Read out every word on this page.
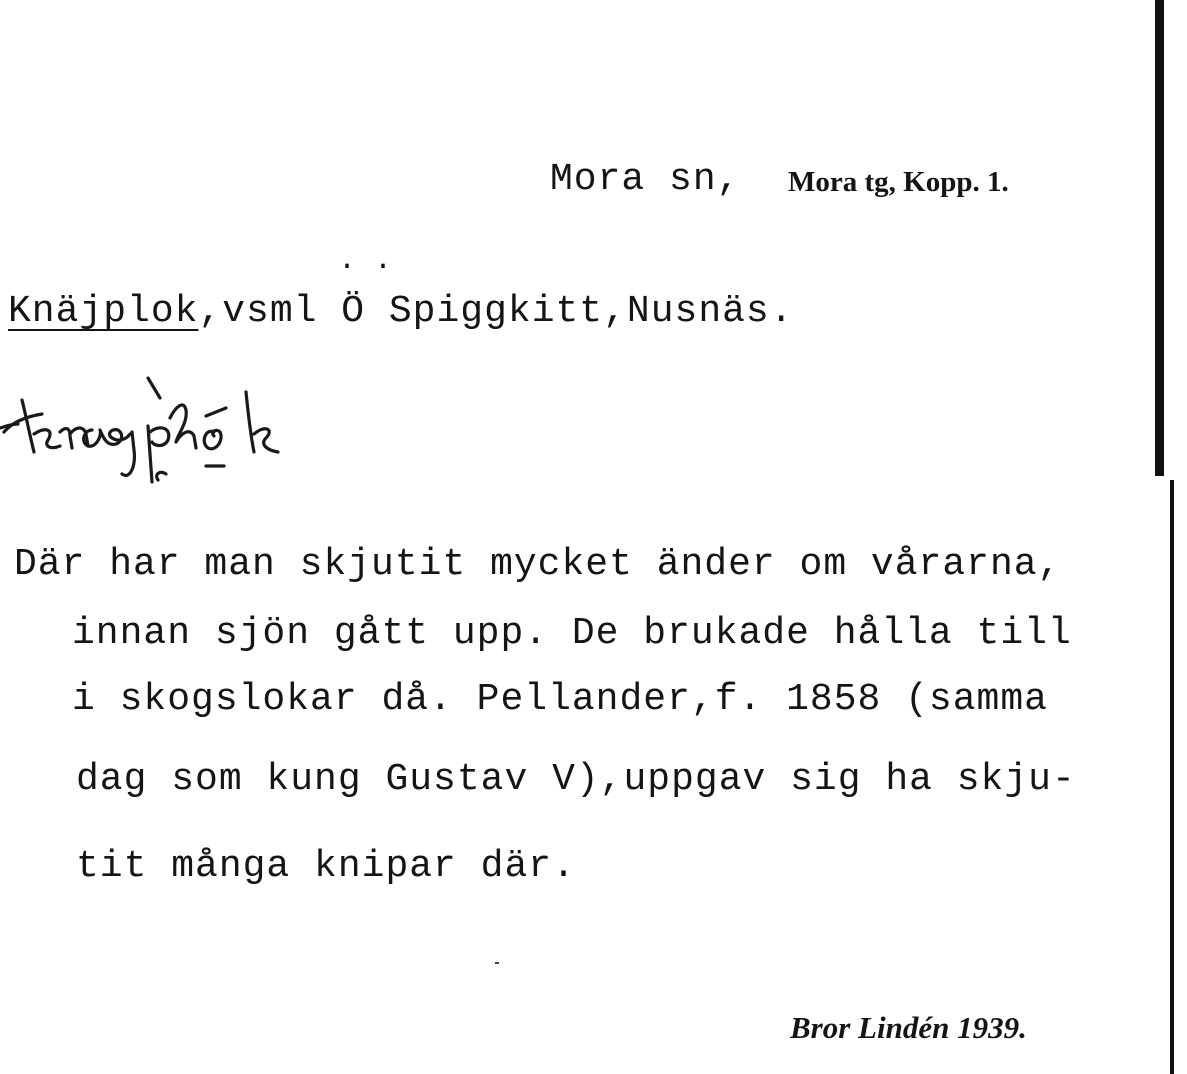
Mora sn, Mora tg, Kopp. 1.
..
Knäjplok,vsml Ö Spiggkitt,Nusnäs.
Där har man skjutit mycket änder om vårarna,
innan sjön gått upp. De brukade hålla till
i skogslokar då. Pellander,f. 1858 (samma
dag som kung Gustav V),uppgav sig ha skju-
tit många knipar där.
Bror Lindén 1939.
